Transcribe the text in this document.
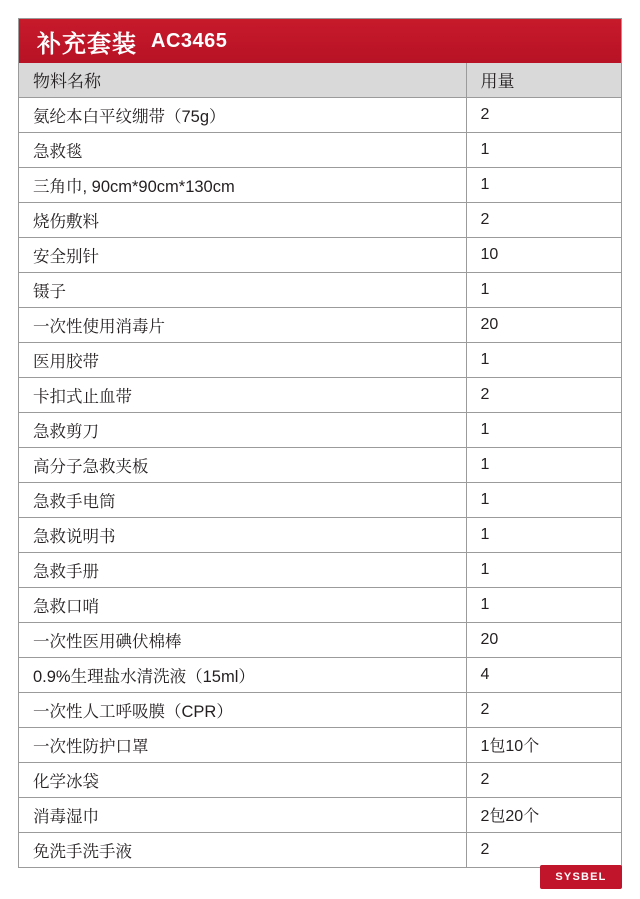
补充套装 AC3465
物料名称	用量
氨纶本白平纹绷带（75g）	2
急救毯	1
三角巾, 90cm*90cm*130cm	1
烧伤敷料	2
安全别针	10
镊子	1
一次性使用消毒片	20
医用胶带	1
卡扣式止血带	2
急救剪刀	1
高分子急救夹板	1
急救手电筒	1
急救说明书	1
急救手册	1
急救口哨	1
一次性医用碘伏棉棒	20
0.9%生理盐水清洗液（15ml）	4
一次性人工呼吸膜（CPR）	2
一次性防护口罩	1包10个
化学冰袋	2
消毒湿巾	2包20个
免洗手洗手液	2
SYSBEL
